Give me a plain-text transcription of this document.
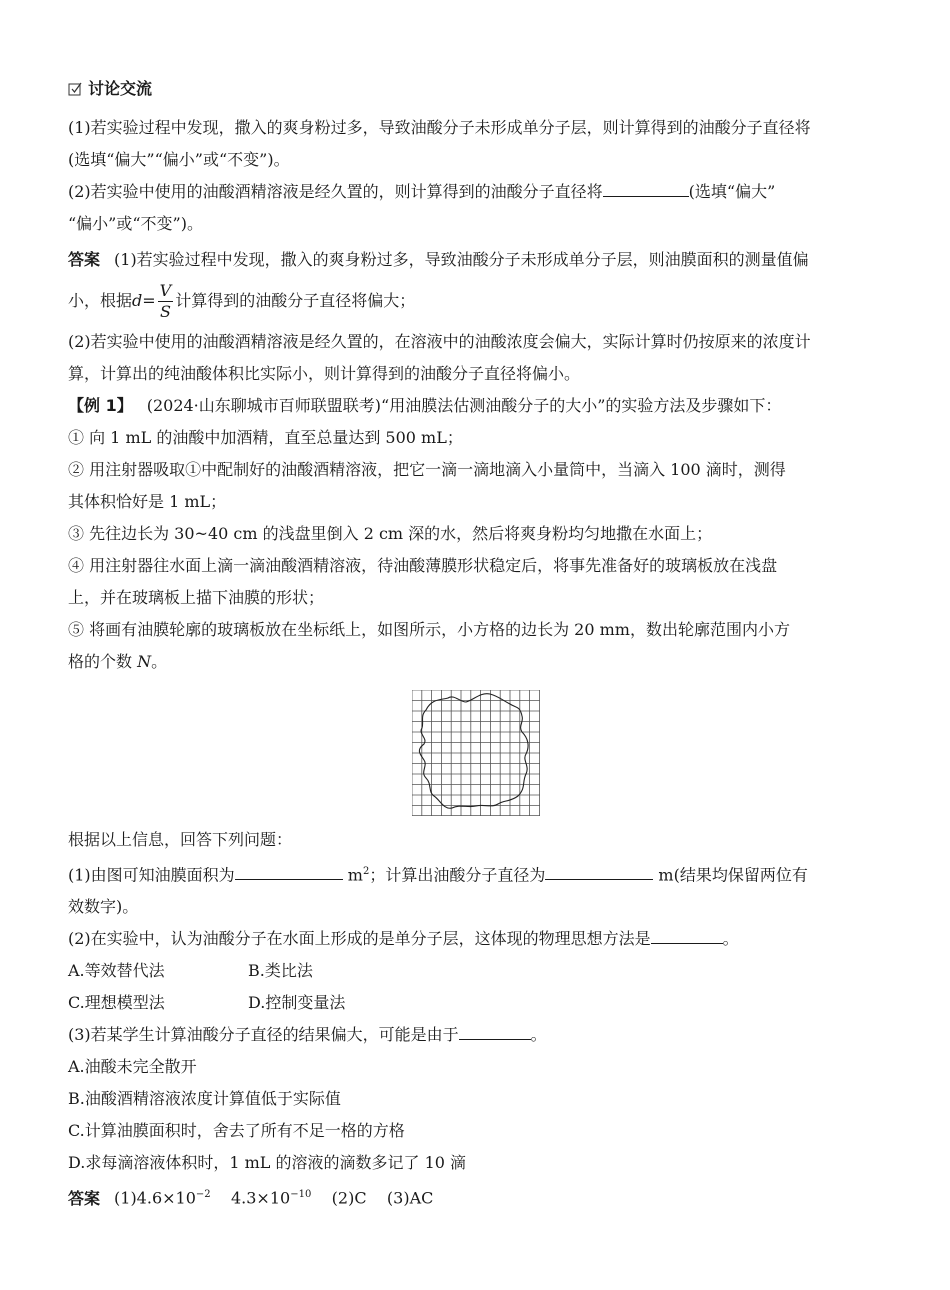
讨论交流
(1)若实验过程中发现，撒入的爽身粉过多，导致油酸分子未形成单分子层，则计算得到的油酸分子直径将
(选填“偏大”“偏小”或“不变”)。
(2)若实验中使用的油酸酒精溶液是经久置的，则计算得到的油酸分子直径将	(选填“偏大”
“偏小”或“不变”)。
答案 (1)若实验过程中发现，撒入的爽身粉过多，导致油酸分子未形成单分子层，则油膜面积的测量值偏
小，根据$d= \frac{V}{S}$ 计算得到的油酸分子直径将偏大；
(2)若实验中使用的油酸酒精溶液是经久置的，在溶液中的油酸浓度会偏大，实际计算时仍按原来的浓度计
算，计算出的纯油酸体积比实际小，则计算得到的油酸分子直径将偏小。
【例 1】 (2024·山东聊城市百师联盟联考)“用油膜法估测油酸分子的大小”的实验方法及步骤如下：
① 向 1 mL 的油酸中加酒精，直至总量达到 500 mL；
② 用注射器吸取①中配制好的油酸酒精溶液，把它一滴一滴地滴入小量筒中，当滴入 100 滴时，测得
其体积恰好是 1 mL；
③ 先往边长为 30~40 cm 的浅盘里倒入 2 cm 深的水，然后将爽身粉均匀地撒在水面上；
④ 用注射器往水面上滴一滴油酸酒精溶液，待油酸薄膜形状稳定后，将事先准备好的玻璃板放在浅盘
上，并在玻璃板上描下油膜的形状；
⑤ 将画有油膜轮廓的玻璃板放在坐标纸上，如图所示，小方格的边长为 20 mm，数出轮廓范围内小方
格的个数 N。
根据以上信息，回答下列问题：
(1)由图可知油膜面积为	$m^2$；计算出油酸分子直径为	m(结果均保留两位有
效数字)。
(2)在实验中，认为油酸分子在水面上形成的是单分子层，这体现的物理思想方法是	。
A.等效替代法	B.类比法
C.理想模型法	D.控制变量法
(3)若某学生计算油酸分子直径的结果偏大，可能是由于	。
A.油酸未完全散开
B.油酸酒精溶液浓度计算值低于实际值
C.计算油膜面积时，舍去了所有不足一格的方格
D.求每滴溶液体积时，1 mL 的溶液的滴数多记了 10 滴
答案 $(1)4.6\times 10^{-2}$ $4.3\times 10^{-10}$ (2)C (3)AC
